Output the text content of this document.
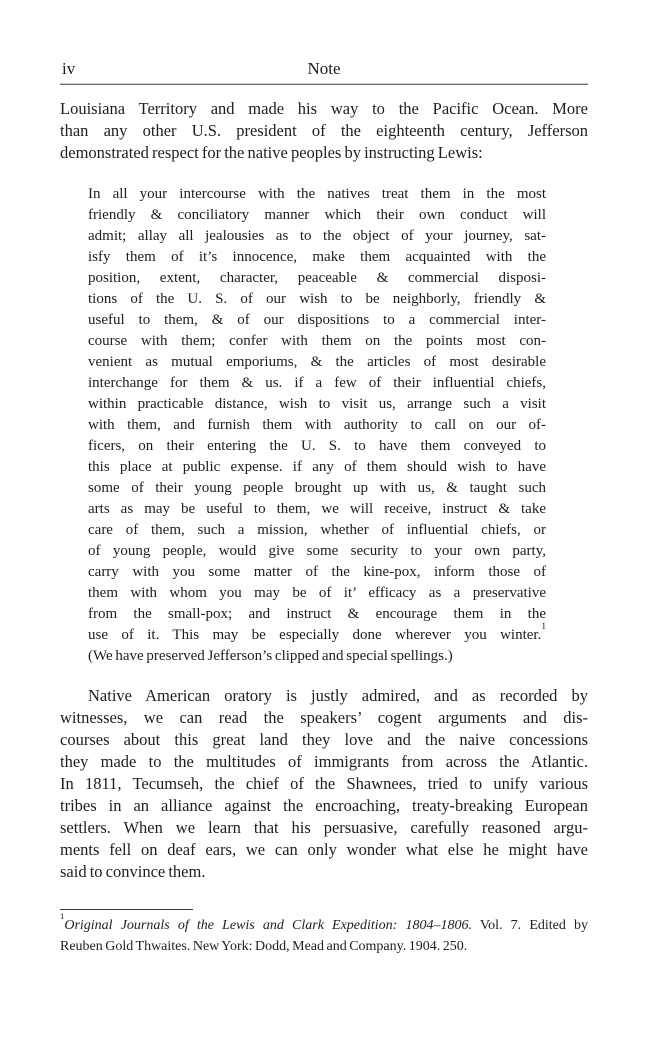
iv	Note
Louisiana Territory and made his way to the Pacific Ocean. More
than any other U.S. president of the eighteenth century, Jefferson
demonstrated respect for the native peoples by instructing Lewis:
In all your intercourse with the natives treat them in the most
friendly & conciliatory manner which their own conduct will
admit; allay all jealousies as to the object of your journey, sat-
isfy them of it’s innocence, make them acquainted with the
position, extent, character, peaceable & commercial disposi-
tions of the U. S. of our wish to be neighborly, friendly &
useful to them, & of our dispositions to a commercial inter-
course with them; confer with them on the points most con-
venient as mutual emporiums, & the articles of most desirable
interchange for them & us. if a few of their influential chiefs,
within practicable distance, wish to visit us, arrange such a visit
with them, and furnish them with authority to call on our of-
ficers, on their entering the U. S. to have them conveyed to
this place at public expense. if any of them should wish to have
some of their young people brought up with us, & taught such
arts as may be useful to them, we will receive, instruct & take
care of them, such a mission, whether of influential chiefs, or
of young people, would give some security to your own party,
carry with you some matter of the kine-pox, inform those of
them with whom you may be of it’ efficacy as a preservative
from the small-pox; and instruct & encourage them in the
use of it. This may be especially done wherever you winter.$^1$
(We have preserved Jefferson’s clipped and special spellings.)
Native American oratory is justly admired, and as recorded by
witnesses, we can read the speakers’ cogent arguments and dis-
courses about this great land they love and the naive concessions
they made to the multitudes of immigrants from across the Atlantic.
In 1811, Tecumseh, the chief of the Shawnees, tried to unify various
tribes in an alliance against the encroaching, treaty-breaking European
settlers. When we learn that his persuasive, carefully reasoned argu-
ments fell on deaf ears, we can only wonder what else he might have
said to convince them.
$^1$Original Journals of the Lewis and Clark Expedition: 1804–1806. Vol. 7. Edited by
Reuben Gold Thwaites. New York: Dodd, Mead and Company. 1904. 250.
